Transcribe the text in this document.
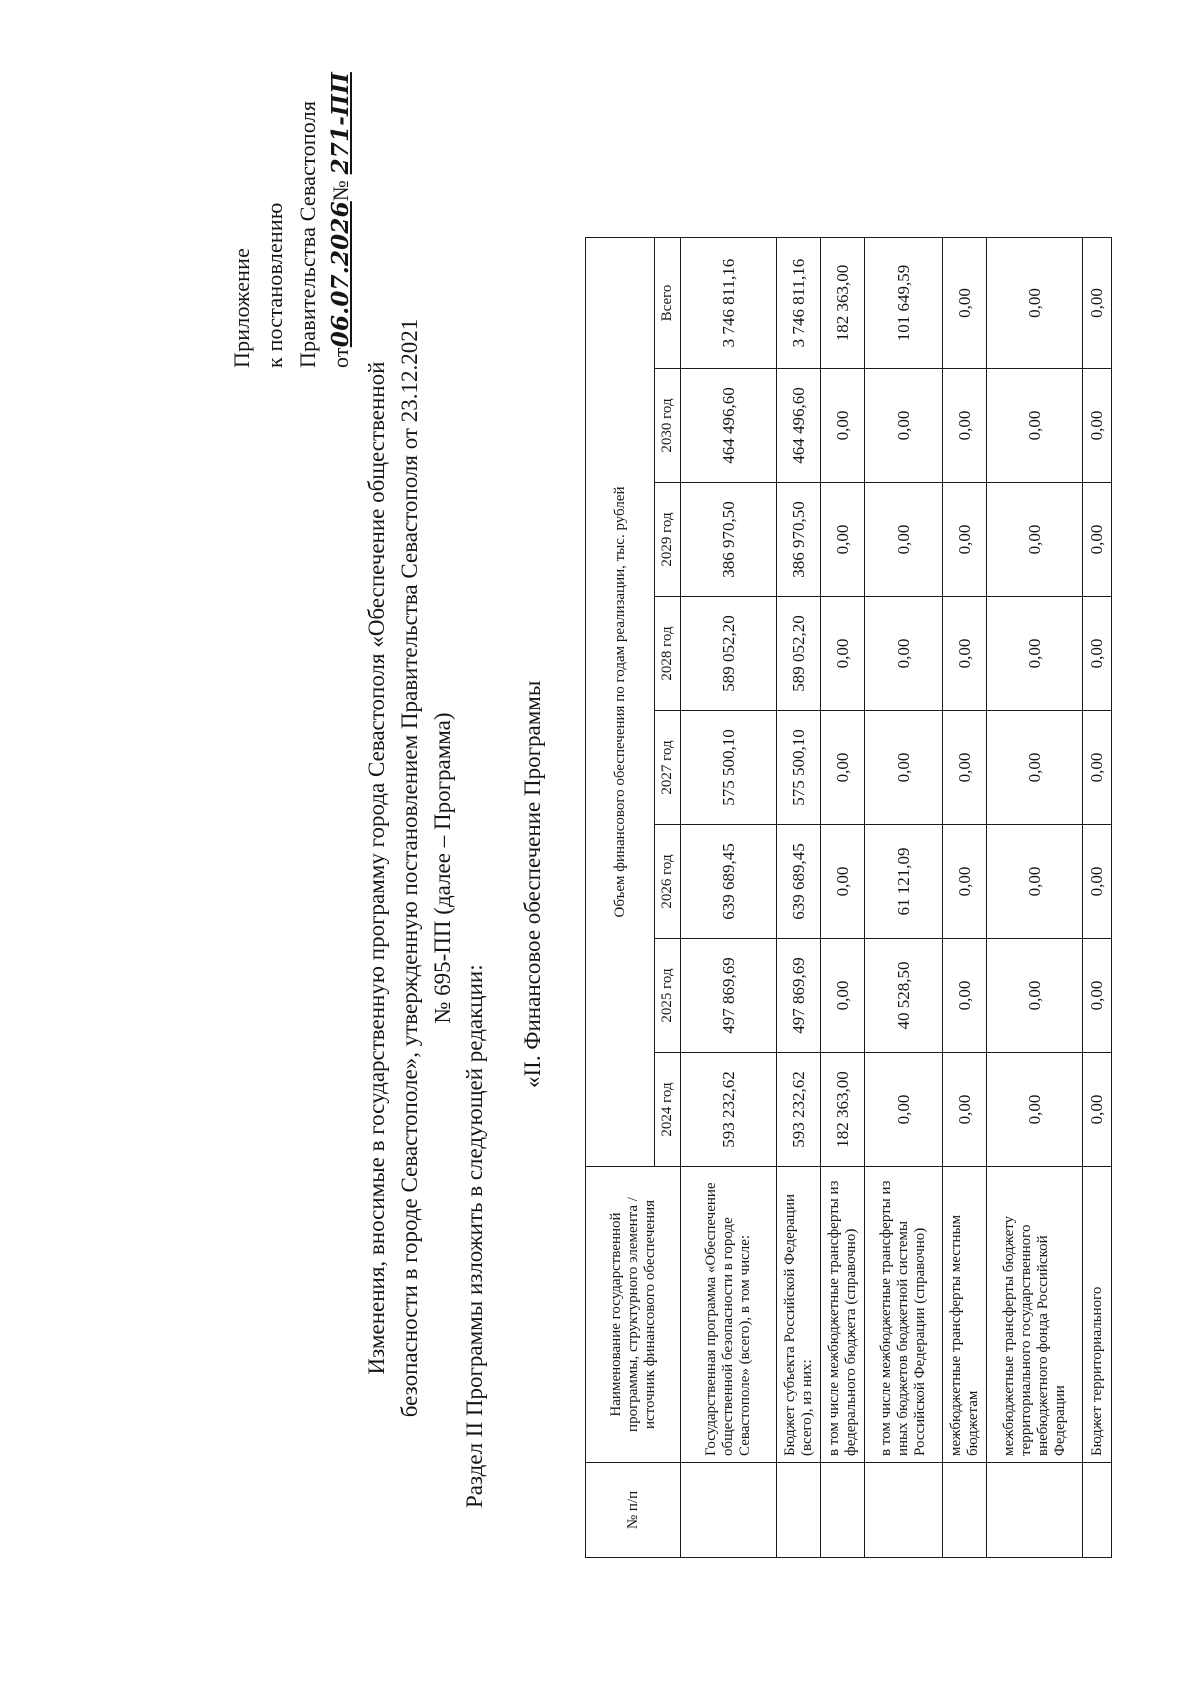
Приложение к постановлению Правительства Севастополя от06.07.2026№ 271-ПП
Изменения, вносимые в государственную программу города Севастополя «Обеспечение общественной безопасности в городе Севастополе», утвержденную постановлением Правительства Севастополя от 23.12.2021 № 695-ПП (далее – Программа)
Раздел II Программы изложить в следующей редакции:
«II. Финансовое обеспечение Программы
№ п/п	Наименование государственной программы, структурного элемента / источник финансового обеспечения	Объем финансового обеспечения по годам реализации, тыс. рублей							
		2024 год	2025 год	2026 год	2027 год	2028 год	2029 год	2030 год	Всего
	Государственная программа «Обеспечение общественной безопасности в городе Севастополе» (всего), в том числе:	593 232,62	497 869,69	639 689,45	575 500,10	589 052,20	386 970,50	464 496,60	3 746 811,16
	Бюджет субъекта Российской Федерации (всего), из них:	593 232,62	497 869,69	639 689,45	575 500,10	589 052,20	386 970,50	464 496,60	3 746 811,16
	в том числе межбюджетные трансферты из федерального бюджета (справочно)	182 363,00	0,00	0,00	0,00	0,00	0,00	0,00	182 363,00
	в том числе межбюджетные трансферты из иных бюджетов бюджетной системы Российской Федерации (справочно)	0,00	40 528,50	61 121,09	0,00	0,00	0,00	0,00	101 649,59
	межбюджетные трансферты местным бюджетам	0,00	0,00	0,00	0,00	0,00	0,00	0,00	0,00
	межбюджетные трансферты бюджету территориального государственного внебюджетного фонда Российской Федерации	0,00	0,00	0,00	0,00	0,00	0,00	0,00	0,00
	Бюджет территориального	0,00	0,00	0,00	0,00	0,00	0,00	0,00	0,00
